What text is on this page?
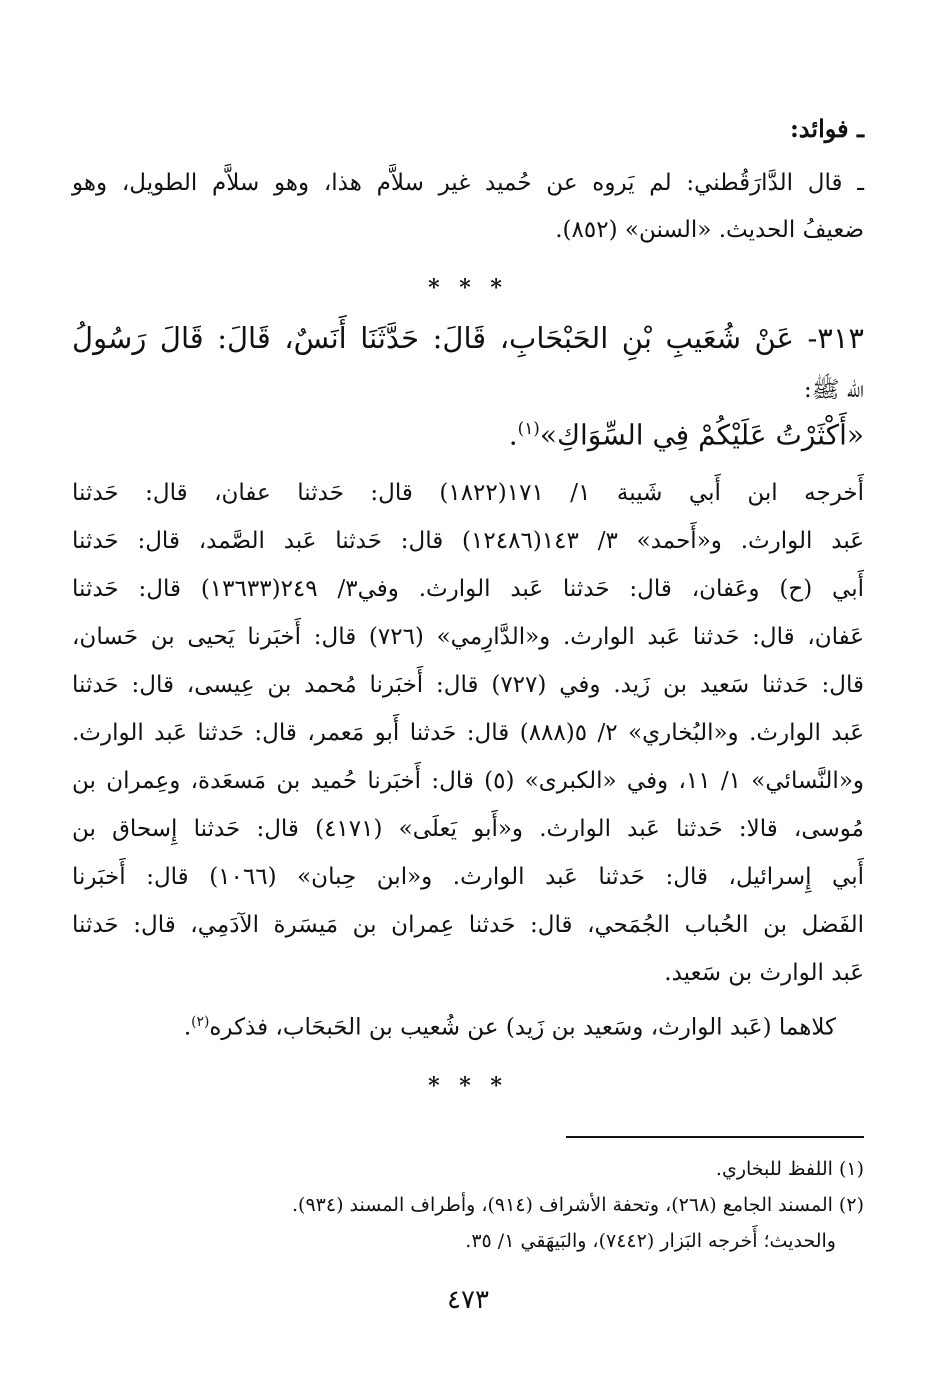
ـ فوائد:
ـ قال الدَّارَقُطني: لم يَروه عن حُميد غير سلاَّم هذا، وهو سلاَّم الطويل، وهو
ضعيفُ الحديث. «السنن» (٨٥٢).
* * *
٣١٣- عَنْ شُعَيبِ بْنِ الحَبْحَابِ، قَالَ: حَدَّثَنَا أَنَسٌ، قَالَ: قَالَ رَسُولُ
الله ﷺ:
«أَكْثَرْتُ عَلَيْكُمْ فِي السِّوَاكِ»$^{(١)}$.
أَخرجه ابن أَبي شَيبة ١/ ١٧١(١٨٢٢) قال: حَدثنا عفان، قال: حَدثنا
عَبد الوارث. و«أَحمد» ٣/ ١٤٣(١٢٤٨٦) قال: حَدثنا عَبد الصَّمد، قال: حَدثنا
أَبي (ح) وعَفان، قال: حَدثنا عَبد الوارث. وفي٣/ ٢٤٩(١٣٦٣٣) قال: حَدثنا
عَفان، قال: حَدثنا عَبد الوارث. و«الدَّارِمي» (٧٢٦) قال: أَخبَرنا يَحيى بن حَسان،
قال: حَدثنا سَعيد بن زَيد. وفي (٧٢٧) قال: أَخبَرنا مُحمد بن عِيسى، قال: حَدثنا
عَبد الوارث. و«البُخاري» ٢/ ٥(٨٨٨) قال: حَدثنا أَبو مَعمر، قال: حَدثنا عَبد الوارث.
و«النَّسائي» ١/ ١١، وفي «الكبرى» (٥) قال: أَخبَرنا حُميد بن مَسعَدة، وعِمران بن
مُوسى، قالا: حَدثنا عَبد الوارث. و«أَبو يَعلَى» (٤١٧١) قال: حَدثنا إِسحاق بن
أَبي إِسرائيل، قال: حَدثنا عَبد الوارث. و«ابن حِبان» (١٠٦٦) قال: أَخبَرنا
الفَضل بن الحُباب الجُمَحي، قال: حَدثنا عِمران بن مَيسَرة الآدَمِي، قال: حَدثنا
عَبد الوارث بن سَعيد.
كلاهما (عَبد الوارث، وسَعيد بن زَيد) عن شُعيب بن الحَبحَاب، فذكره$^{(٢)}$.
* * *
(١) اللفظ للبخاري.
(٢) المسند الجامع (٢٦٨)، وتحفة الأشراف (٩١٤)، وأطراف المسند (٩٣٤).
والحديث؛ أَخرجه البَزار (٧٤٤٢)، والبَيهَقي ١/ ٣٥.
٤٧٣
